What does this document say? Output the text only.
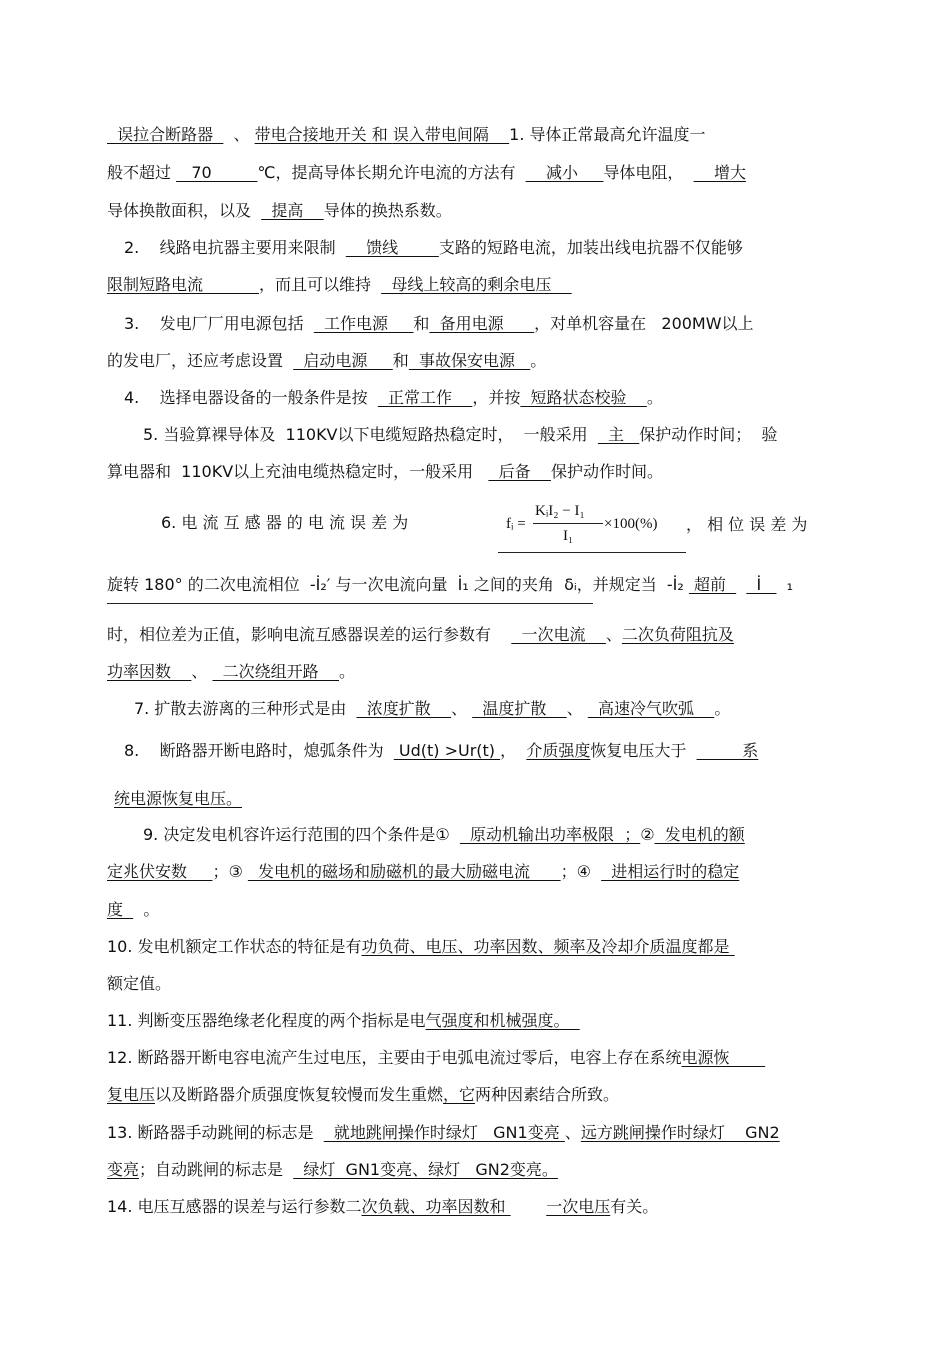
误拉合断路器    、 带电合接地开关 和 误入带电间隔    1. 导体正常最高允许温度一
般不超过    70         ℃，提高导体长期允许电流的方法有      减小     导体电阻，      增大
导体换散面积，以及    提高    导体的换热系数。
2.    线路电抗器主要用来限制      馈线        支路的短路电流，加装出线电抗器不仅能够
限制短路电流           ，而且可以维持    母线上较高的剩余电压
3.    发电厂厂用电源包括    工作电源     和  备用电源      ，对单机容量在   200MW以上
的发电厂，还应考虑设置    启动电源     和  事故保安电源   。
4.    选择电器设备的一般条件是按    正常工作    ，并按  短路状态校验    。
5. 当验算裸导体及  110KV以下电缆短路热稳定时，  一般采用    主   保护动作时间；  验
算电器和  110KV以上充油电缆热稳定时，一般采用     后备    保护动作时间。
6. 电 流 互 感 器 的 电 流 误 差 为
旋转 180° 的二次电流相位  -İ₂′ 与一次电流向量  İ₁ 之间的夹角  δᵢ，并规定当  -İ₂  超前      İ     ₁
时，相位差为正值，影响电流互感器误差的运行参数有      一次电流    、二次负荷阻抗及
功率因数    、   二次绕组开路    。
7. 扩散去游离的三种形式是由    浓度扩散    、   温度扩散    、   高速冷气吹弧    。
8.    断路器开断电路时，熄弧条件为   Ud(t) >Ur(t) ，  介质强度恢复电压大于           系
统电源恢复电压。
9. 决定发电机容许运行范围的四个条件是①    原动机输出功率极限  ；②  发电机的额
定兆伏安数     ；③   发电机的磁场和励磁机的最大励磁电流      ；④    进相运行时的稳定
度    。
10. 发电机额定工作状态的特征是有功负荷、电压、功率因数、频率及冷却介质温度都是
额定值。
11. 判断变压器绝缘老化程度的两个指标是电气强度和机械强度。
12. 断路器开断电容电流产生过电压，主要由于电弧电流过零后，电容上存在系统电源恢
复电压以及断路器介质强度恢复较慢而发生重燃，它两种因素结合所致。
13. 断路器手动跳闸的标志是    就地跳闸操作时绿灯   GN1变亮 、远方跳闸操作时绿灯    GN2
变亮；自动跳闸的标志是    绿灯  GN1变亮、绿灯   GN2变亮。
14. 电压互感器的误差与运行参数二次负载、功率因数和        一次电压有关。
fᵢ =
KᵢI₂ − I₁
I₁
×100(%) ， 相 位 误 差 为
